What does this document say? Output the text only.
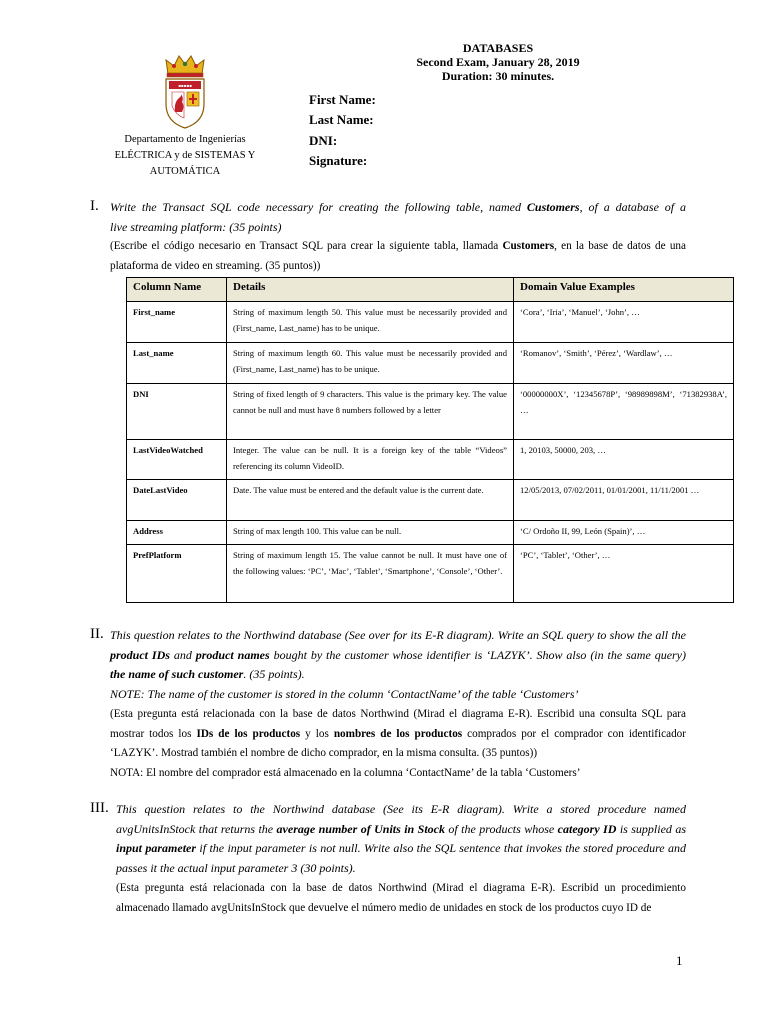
▪▪▪▪▪
Departamento de Ingenierías
ELÉCTRICA y de SISTEMAS Y
AUTOMÁTICA
DATABASES
Second Exam, January 28, 2019
Duration: 30 minutes.
First Name:
Last Name:
DNI:
Signature:
I. Write the Transact SQL code necessary for creating the following table, named Customers, of a database of a

live streaming platform: (35 points)

(Escribe el código necesario en Transact SQL para crear la siguiente tabla, llamada Customers, en la base de datos de una plataforma de video en streaming. (35 puntos))

Column Name	Details	Domain Value Examples
First_name	String of maximum length 50. This value must be necessarily provided and (First_name, Last_name) has to be unique.	‘Cora’, ‘Iria’, ‘Manuel’, ‘John’, …
Last_name	String of maximum length 60. This value must be necessarily provided and (First_name, Last_name) has to be unique.	‘Romanov’, ‘Smith’, ‘Pérez’, ‘Wardlaw’, …
DNI	String of fixed length of 9 characters. This value is the primary key. The value cannot be null and must have 8 numbers followed by a letter	‘00000000X’, ‘12345678P’, ‘98989898M’, ‘71382938A’, …
LastVideoWatched	Integer. The value can be null. It is a foreign key of the table “Videos” referencing its column VideoID.	1, 20103, 50000, 203, …
DateLastVideo	Date. The value must be entered and the default value is the current date.	12/05/2013, 07/02/2011, 01/01/2001, 11/11/2001 …
Address	String of max length 100. This value can be null.	‘C/ Ordoño II, 99, León (Spain)’, …
PrefPlatform	String of maximum length 15. The value cannot be null. It must have one of the following values: ‘PC’, ‘Mac’, ‘Tablet’, ‘Smartphone’, ‘Console’, ‘Other’.	‘PC’, ‘Tablet’, ‘Other’, …
II. This question relates to the Northwind database (See over for its E-R diagram). Write an SQL query to show the all the product IDs and product names bought by the customer whose identifier is ‘LAZYK’. Show also (in the same query) the name of such customer. (35 points).

NOTE: The name of the customer is stored in the column ‘ContactName’ of the table ‘Customers’

(Esta pregunta está relacionada con la base de datos Northwind (Mirad el diagrama E-R). Escribid una consulta SQL para mostrar todos los IDs de los productos y los nombres de los productos comprados por el comprador con identificador ‘LAZYK’. Mostrad también el nombre de dicho comprador, en la misma consulta. (35 puntos))

NOTA: El nombre del comprador está almacenado en la columna ‘ContactName’ de la tabla ‘Customers’

III. This question relates to the Northwind database (See its E-R diagram). Write a stored procedure named avgUnitsInStock that returns the average number of Units in Stock of the products whose category ID is supplied as input parameter if the input parameter is not null. Write also the SQL sentence that invokes the stored procedure and passes it the actual input parameter 3 (30 points).

(Esta pregunta está relacionada con la base de datos Northwind (Mirad el diagrama E-R). Escribid un procedimiento almacenado llamado avgUnitsInStock que devuelve el número medio de unidades en stock de los productos cuyo ID de

1
